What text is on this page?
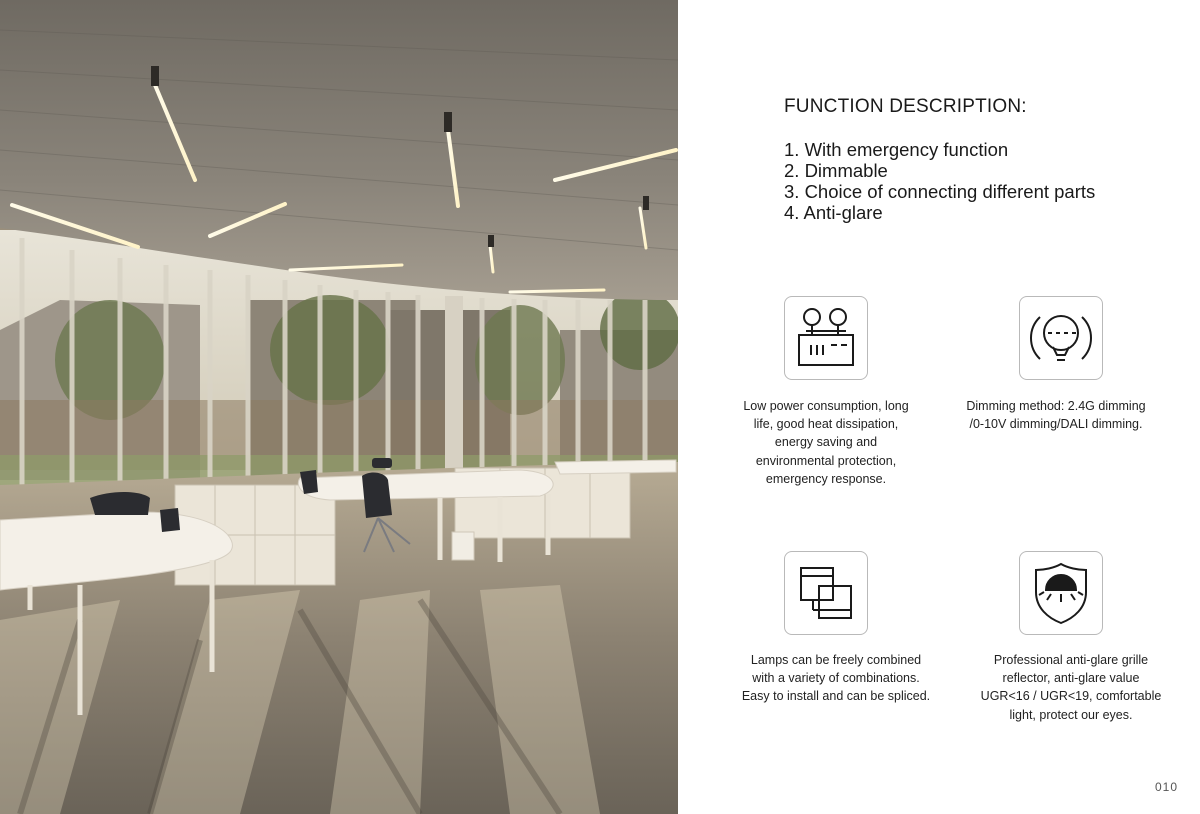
FUNCTION DESCRIPTION:
1. With emergency function
2. Dimmable
3. Choice of connecting different parts
4. Anti-glare
Low power consumption, long
life, good heat dissipation,
energy saving and
environmental protection,
emergency response.
Dimming method: 2.4G dimming
/0-10V dimming/DALI dimming.
Lamps can be freely combined
with a variety of combinations.
Easy to install and can be spliced.
Professional anti-glare grille
reflector, anti-glare value
UGR<16 / UGR<19, comfortable
light, protect our eyes.
010
